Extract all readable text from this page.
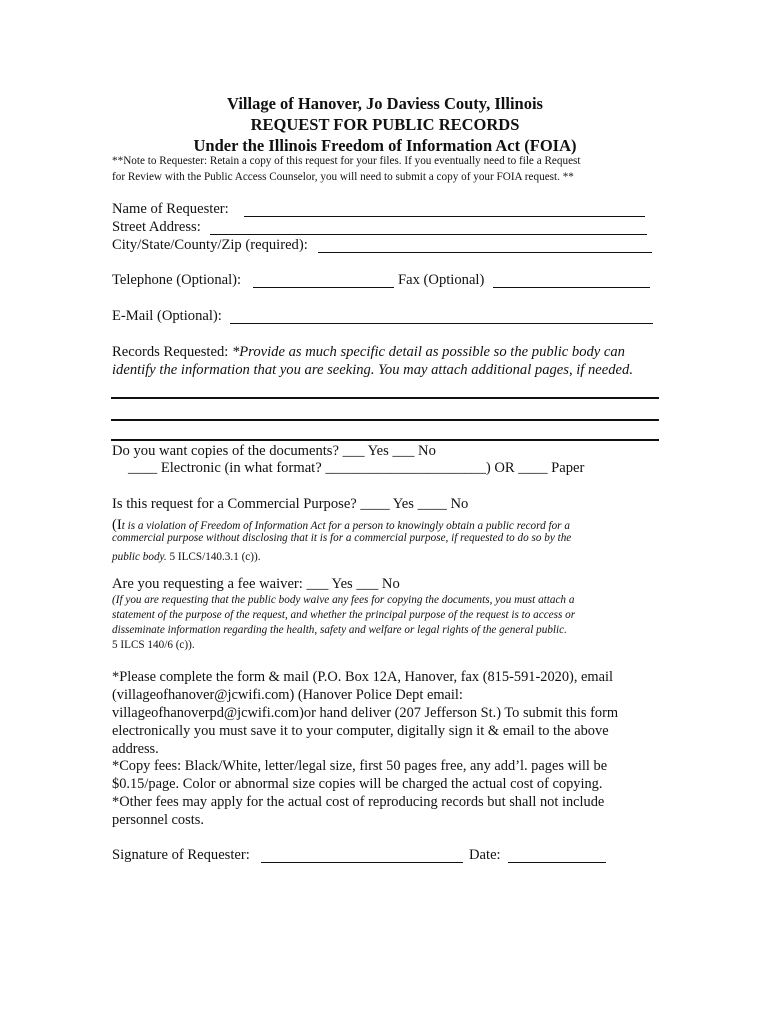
Village of Hanover, Jo Daviess Couty, Illinois
REQUEST FOR PUBLIC RECORDS
Under the Illinois Freedom of Information Act (FOIA)
**Note to Requester: Retain a copy of this request for your files. If you eventually need to file a Request
for Review with the Public Access Counselor, you will need to submit a copy of your FOIA request. **
Name of Requester:
Street Address:
City/State/County/Zip (required):
Telephone (Optional):	Fax (Optional)
E-Mail (Optional):
Records Requested: *Provide as much specific detail as possible so the public body can
identify the information that you are seeking. You may attach additional pages, if needed.
Do you want copies of the documents? ___ Yes ___ No
____ Electronic (in what format? ______________________) OR ____ Paper
Is this request for a Commercial Purpose? ____ Yes ____ No
(It is a violation of Freedom of Information Act for a person to knowingly obtain a public record for a
commercial purpose without disclosing that it is for a commercial purpose, if requested to do so by the
public body. 5 ILCS/140.3.1 (c)).
Are you requesting a fee waiver: ___ Yes ___ No
(If you are requesting that the public body waive any fees for copying the documents, you must attach a
statement of the purpose of the request, and whether the principal purpose of the request is to access or
disseminate information regarding the health, safety and welfare or legal rights of the general public.
5 ILCS 140/6 (c)).
*Please complete the form & mail (P.O. Box 12A, Hanover, fax (815-591-2020), email
(villageofhanover@jcwifi.com) (Hanover Police Dept email:
villageofhanoverpd@jcwifi.com)or hand deliver (207 Jefferson St.) To submit this form
electronically you must save it to your computer, digitally sign it & email to the above
address.
*Copy fees: Black/White, letter/legal size, first 50 pages free, any add’l. pages will be
$0.15/page. Color or abnormal size copies will be charged the actual cost of copying.
*Other fees may apply for the actual cost of reproducing records but shall not include
personnel costs.
Signature of Requester:	Date:
